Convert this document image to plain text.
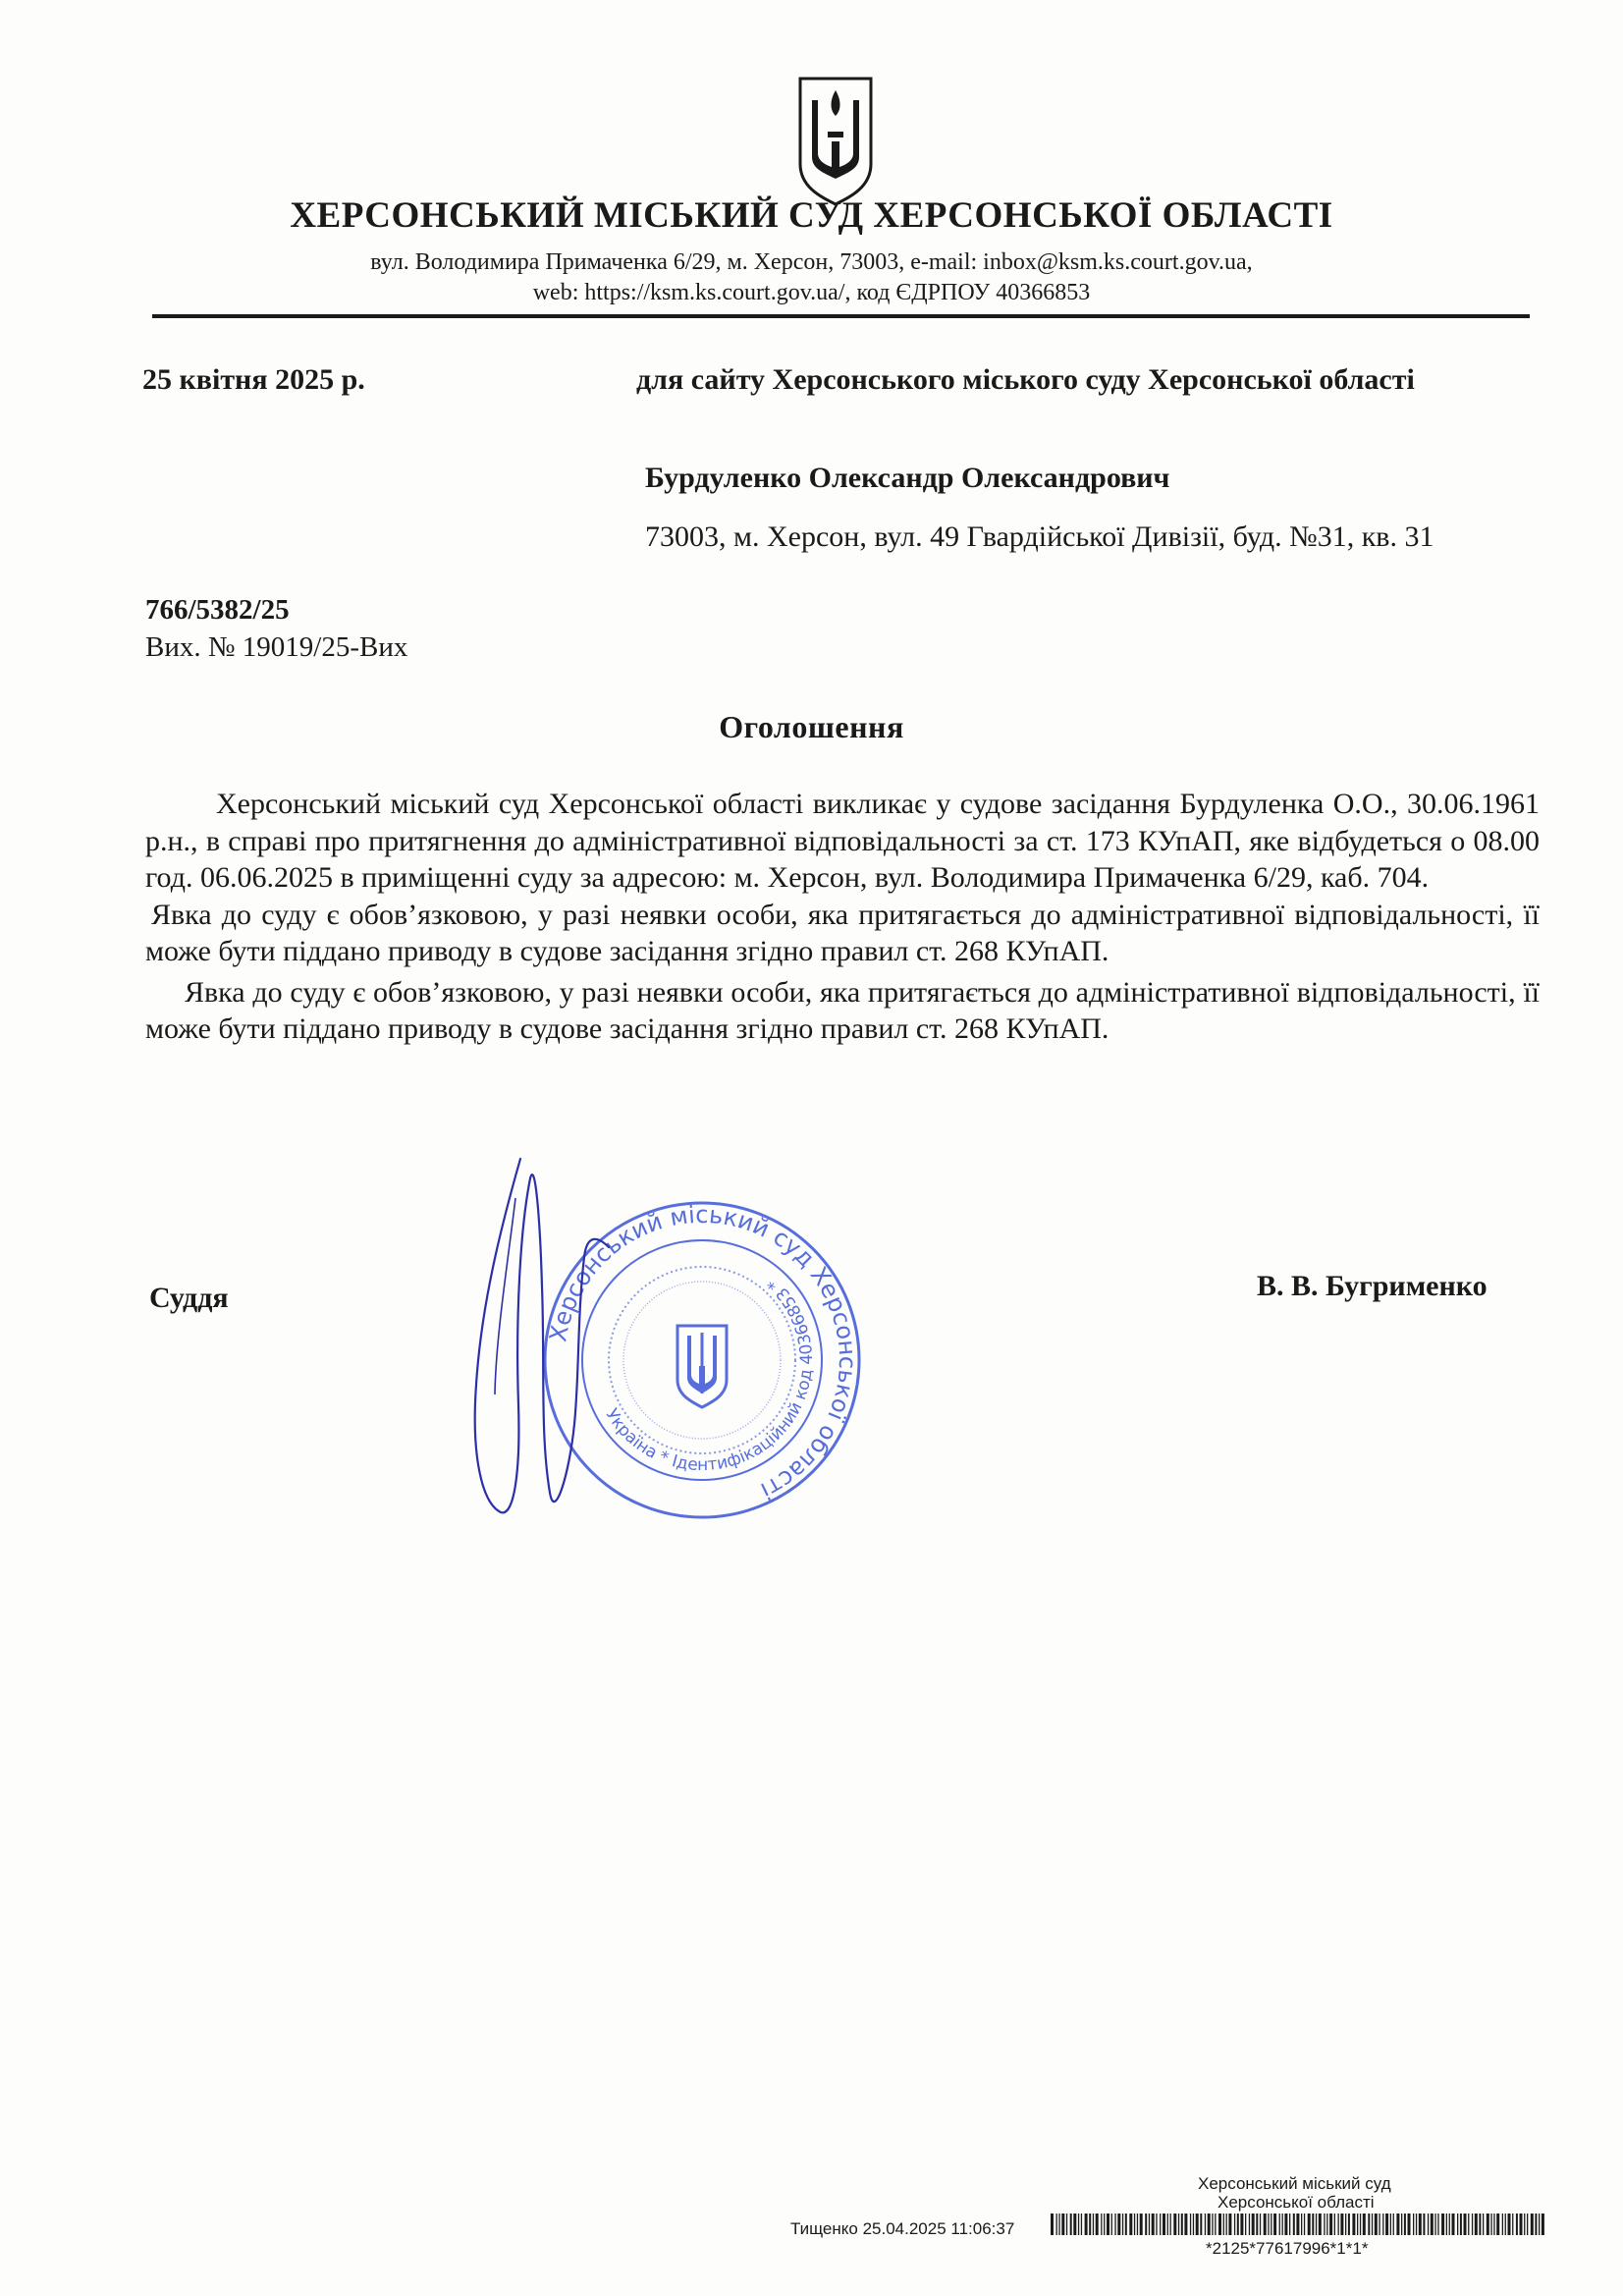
ХЕРСОНСЬКИЙ МІСЬКИЙ СУД ХЕРСОНСЬКОЇ ОБЛАСТІ
вул. Володимира Примаченка 6/29, м. Херсон, 73003, e-mail: inbox@ksm.ks.court.gov.ua,
web: https://ksm.ks.court.gov.ua/, код ЄДРПОУ 40366853
25 квітня 2025 р.	для сайту Херсонського міського суду Херсонської області
Бурдуленко Олександр Олександрович
73003, м. Херсон, вул. 49 Гвардійської Дивізії, буд. №31, кв. 31
766/5382/25
Вих. № 19019/25-Вих
Оголошення

Херсонський міський суд Херсонської області викликає у судове засідання Бурдуленка О.О., 30.06.1961 р.н., в справі про притягнення до адміністративної відповідальності за ст. 173 КУпАП, яке відбудеться о 08.00 год. 06.06.2025 в приміщенні суду за адресою: м. Херсон, вул. Володимира Примаченка 6/29, каб. 704.

Явка до суду є обов’язковою, у разі неявки особи, яка притягається до адміністративної відповідальності, її може бути піддано приводу в судове засідання згідно правил ст. 268 КУпАП.

Явка до суду є обов’язковою, у разі неявки особи, яка притягається до адміністративної відповідальності, її може бути піддано приводу в судове засідання згідно правил ст. 268 КУпАП.

Суддя	В. В. Бугрименко
Херсонський міський суд Херсонської області
Україна * Ідентифікаційний код 40366853 *
Херсонський міський суд
Херсонської області
Тищенко 25.04.2025 11:06:37
*2125*77617996*1*1*
